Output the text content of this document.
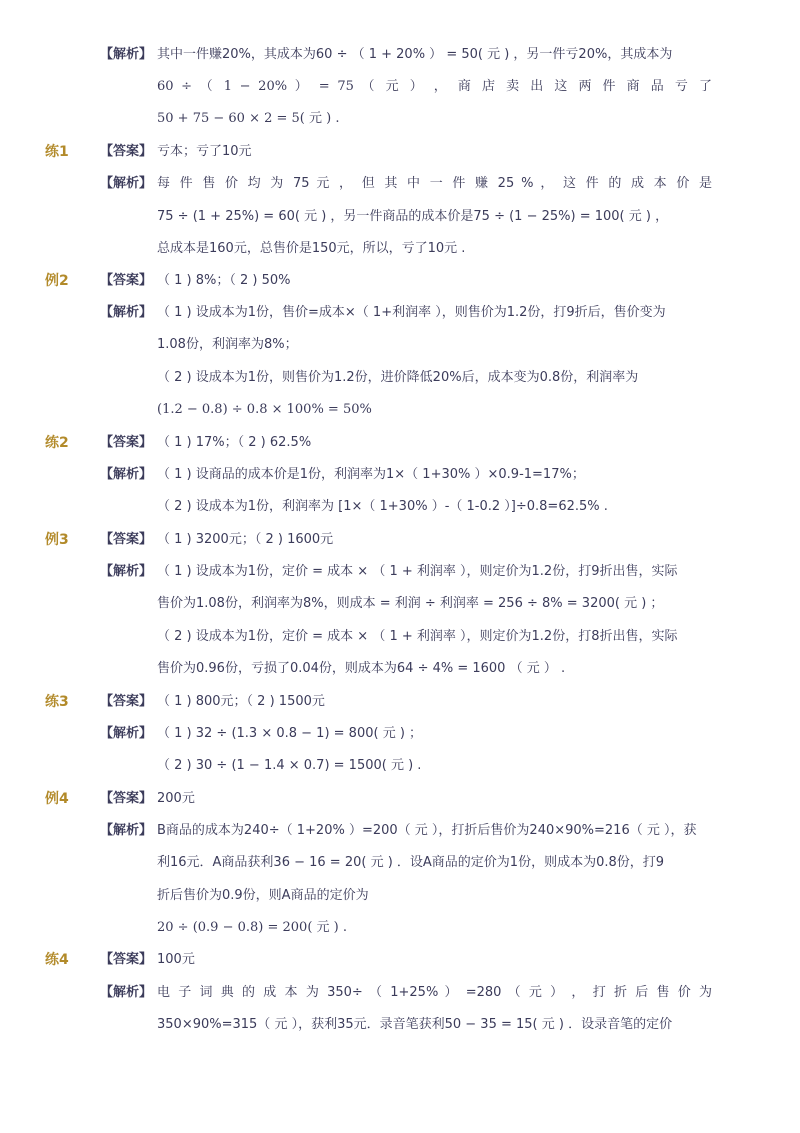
【解析】 其中一件赚20%，其成本为60 ÷ （ 1 + 20% ） = 50( 元 ) ，另一件亏20%，其成本为
60 ÷ （ 1 − 20% ） = 75 （ 元 ） ， 商 店 卖 出 这 两 件 商 品 亏 了
50 + 75 − 60 × 2 = 5( 元 ) .
练1 【答案】 亏本；亏了10元
【解析】 每 件 售 价 均 为 75 元 ， 但 其 中 一 件 赚 25 % ， 这 件 的 成 本 价 是
75 ÷ (1 + 25%) = 60( 元 ) ，另一件商品的成本价是75 ÷ (1 − 25%) = 100( 元 ) ，
总成本是160元，总售价是150元，所以，亏了10元 .
例2 【答案】 （ 1 ) 8%；（ 2 ) 50%
【解析】 （ 1 ) 设成本为1份，售价=成本×（ 1+利润率 ），则售价为1.2份，打9折后，售价变为
1.08份，利润率为8%；
（ 2 ) 设成本为1份，则售价为1.2份，进价降低20%后，成本变为0.8份，利润率为
(1.2 − 0.8) ÷ 0.8 × 100% = 50%
练2 【答案】 （ 1 ) 17%；（ 2 ) 62.5%
【解析】 （ 1 ) 设商品的成本价是1份，利润率为1×（ 1+30% ）×0.9-1=17%；
（ 2 ) 设成本为1份，利润率为 [1×（ 1+30% ）-（ 1-0.2 ）]÷0.8=62.5% .
例3 【答案】 （ 1 ) 3200元；（ 2 ) 1600元
【解析】 （ 1 ) 设成本为1份，定价 = 成本 × （ 1 + 利润率 ），则定价为1.2份，打9折出售，实际
售价为1.08份，利润率为8%，则成本 = 利润 ÷ 利润率 = 256 ÷ 8% = 3200( 元 ) ；
（ 2 ) 设成本为1份，定价 = 成本 × （ 1 + 利润率 ），则定价为1.2份，打8折出售，实际
售价为0.96份，亏损了0.04份，则成本为64 ÷ 4% = 1600 （ 元 ） .
练3 【答案】 （ 1 ) 800元；（ 2 ) 1500元
【解析】 （ 1 ) 32 ÷ (1.3 × 0.8 − 1) = 800( 元 ) ；
（ 2 ) 30 ÷ (1 − 1.4 × 0.7) = 1500( 元 ) .
例4 【答案】 200元
【解析】 B商品的成本为240÷（ 1+20% ）=200（ 元 ），打折后售价为240×90%=216（ 元 ），获
利16元．A商品获利36 − 16 = 20( 元 ) ．设A商品的定价为1份，则成本为0.8份，打9
折后售价为0.9份，则A商品的定价为
20 ÷ (0.9 − 0.8) = 200( 元 ) .
练4 【答案】 100元
【解析】 电 子 词 典 的 成 本 为 350÷ （ 1+25% ） =280 （ 元 ） ， 打 折 后 售 价 为
350×90%=315（ 元 ），获利35元．录音笔获利50 − 35 = 15( 元 ) ．设录音笔的定价
